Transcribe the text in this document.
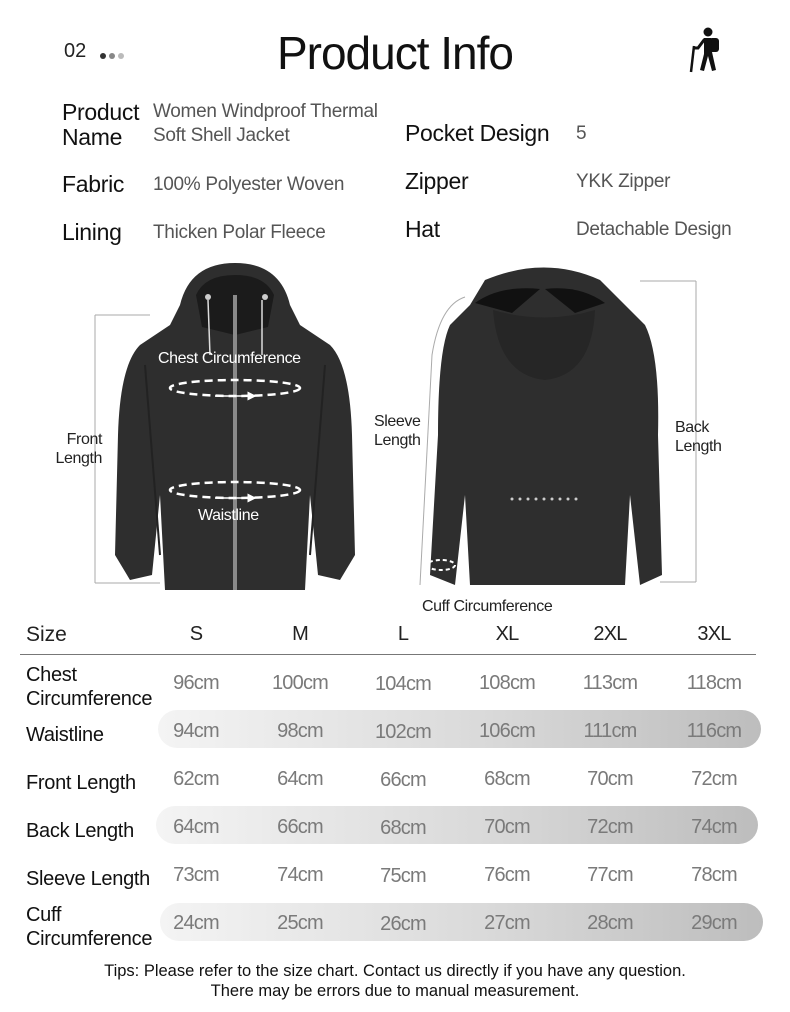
02	Product Info
Product
Name
Women Windproof Thermal
Soft Shell Jacket
Fabric 100% Polyester Woven
Lining Thicken Polar Fleece
Pocket Design 5
Zipper	YKK Zipper
Hat	Detachable Design
Front
Length
Chest Circumference
Waistline
Sleeve
Length
Back
Length
Cuff Circumference
Size	S	M	L	XL	2XL	3XL
Chest
Circumference
96cm	100cm	104cm	108cm	113cm	118cm
Waistline	94cm	98cm	102cm	106cm	111cm	116cm
Front Length	62cm	64cm	66cm	68cm	70cm	72cm
Back Length	64cm	66cm	68cm	70cm	72cm	74cm
Sleeve Length	73cm	74cm	75cm	76cm	77cm	78cm
Cuff
Circumference
24cm	25cm	26cm	27cm	28cm	29cm
Tips: Please refer to the size chart. Contact us directly if you have any question.
There may be errors due to manual measurement.
